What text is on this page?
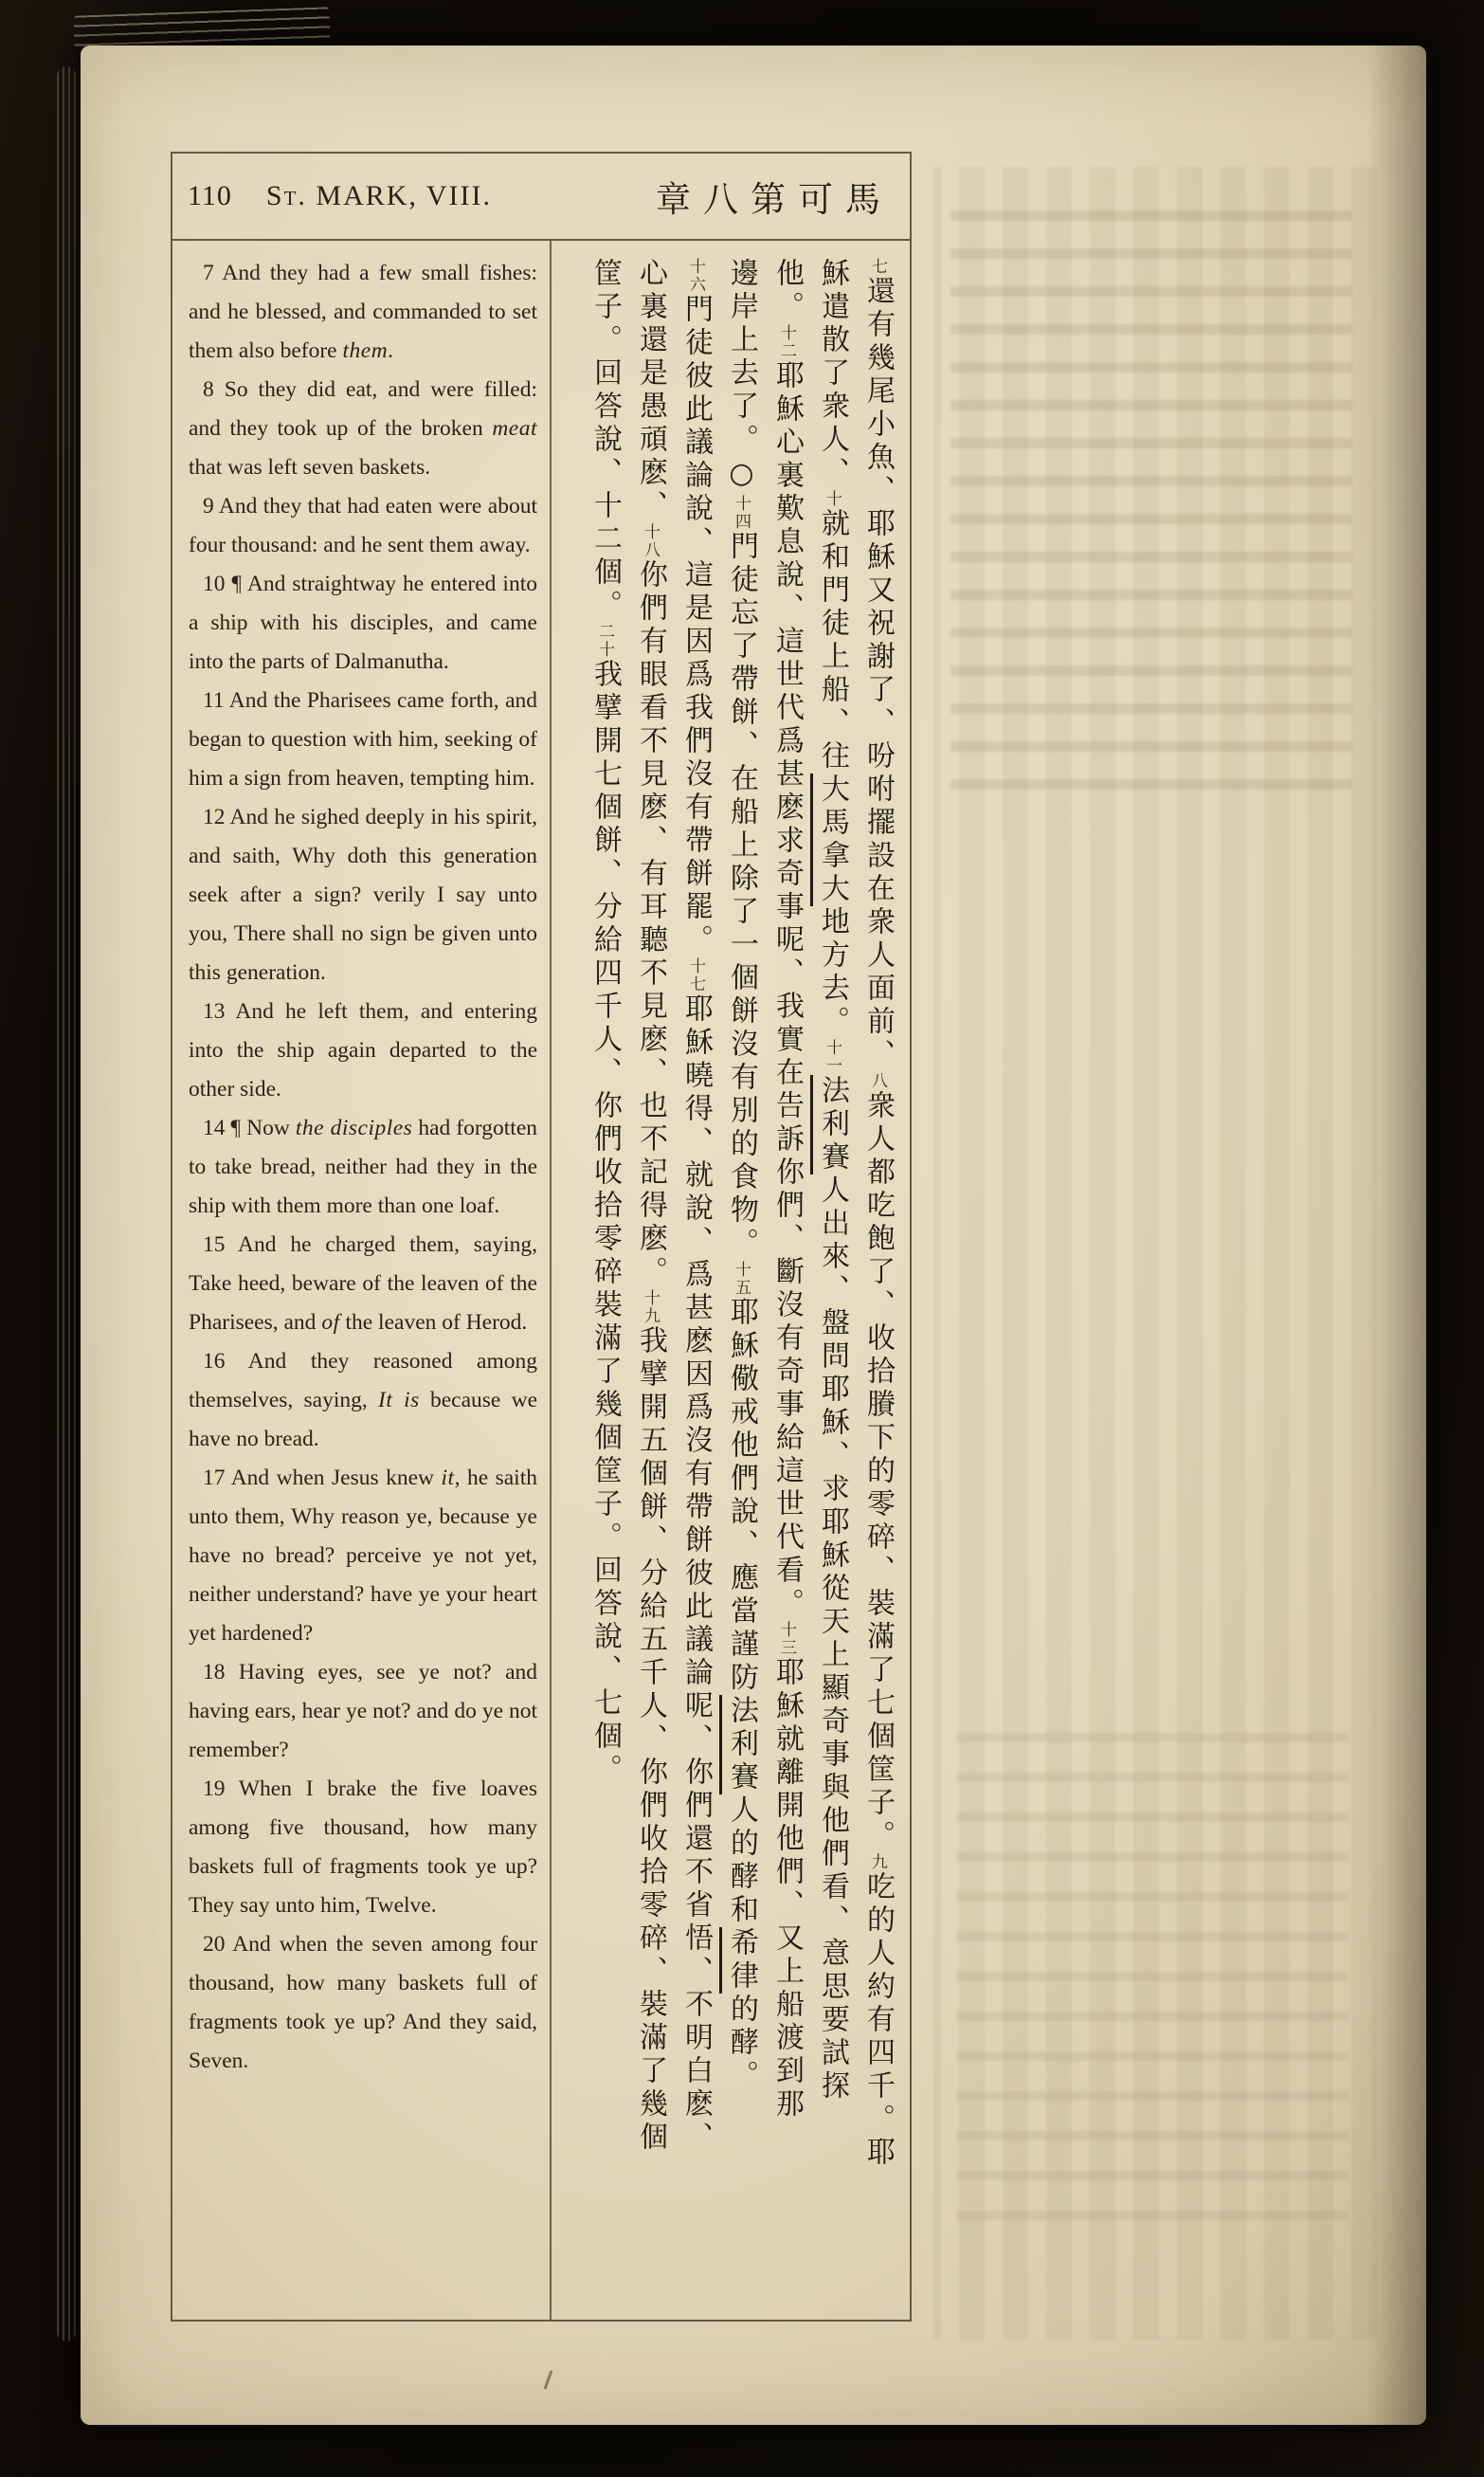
110 St. MARK, VIII.	章八第可馬

7 And they had a few small fishes: and he blessed, and commanded to set them also before them.

8 So they did eat, and were filled: and they took up of the broken meat that was left seven baskets.

9 And they that had eaten were about four thousand: and he sent them away.

10 ¶ And straightway he entered into a ship with his disciples, and came into the parts of Dalmanutha.

11 And the Pharisees came forth, and began to question with him, seeking of him a sign from heaven, tempting him.

12 And he sighed deeply in his spirit, and saith, Why doth this generation seek after a sign? verily I say unto you, There shall no sign be given unto this generation.

13 And he left them, and entering into the ship again departed to the other side.

14 ¶ Now the disciples had forgotten to take bread, neither had they in the ship with them more than one loaf.

15 And he charged them, saying, Take heed, beware of the leaven of the Pharisees, and of the leaven of Herod.

16 And they reasoned among themselves, saying, It is because we have no bread.

17 And when Jesus knew it, he saith unto them, Why reason ye, because ye have no bread? perceive ye not yet, neither understand? have ye your heart yet hardened?

18 Having eyes, see ye not? and having ears, hear ye not? and do ye not remember?

19 When I brake the five loaves among five thousand, how many baskets full of fragments took ye up? They say unto him, Twelve.

20 And when the seven among four thousand, how many baskets full of fragments took ye up? And they said, Seven.

七還有幾尾小魚、耶穌又祝謝了、吩咐擺設在衆人面前、八衆人都吃飽了、收拾賸下的零碎、裝滿了七個筐子。九吃的人約有四千。耶
穌遣散了衆人、十就和門徒上船、往大馬拿大地方去。十一法利賽人出來、盤問耶穌、求耶穌從天上顯奇事與他們看、意思要試探
他。十二耶穌心裏歎息說、這世代爲甚麽求奇事呢、我實在告訴你們、斷沒有奇事給這世代看。十三耶穌就離開他們、又上船渡到那
邊岸上去了。○十四門徒忘了帶餅、在船上除了一個餅沒有別的食物。十五耶穌儆戒他們說、應當謹防法利賽人的酵和希律的酵。
十六門徒彼此議論說、這是因爲我們沒有帶餅罷。十七耶穌曉得、就說、爲甚麽因爲沒有帶餅彼此議論呢、你們還不省悟、不明白麽、
心裏還是愚頑麽、十八你們有眼看不見麽、有耳聽不見麽、也不記得麽。十九我擘開五個餅、分給五千人、你們收拾零碎、裝滿了幾個
筐子。回答說、十二個。二十我擘開七個餅、分給四千人、你們收拾零碎裝滿了幾個筐子。回答說、七個。
